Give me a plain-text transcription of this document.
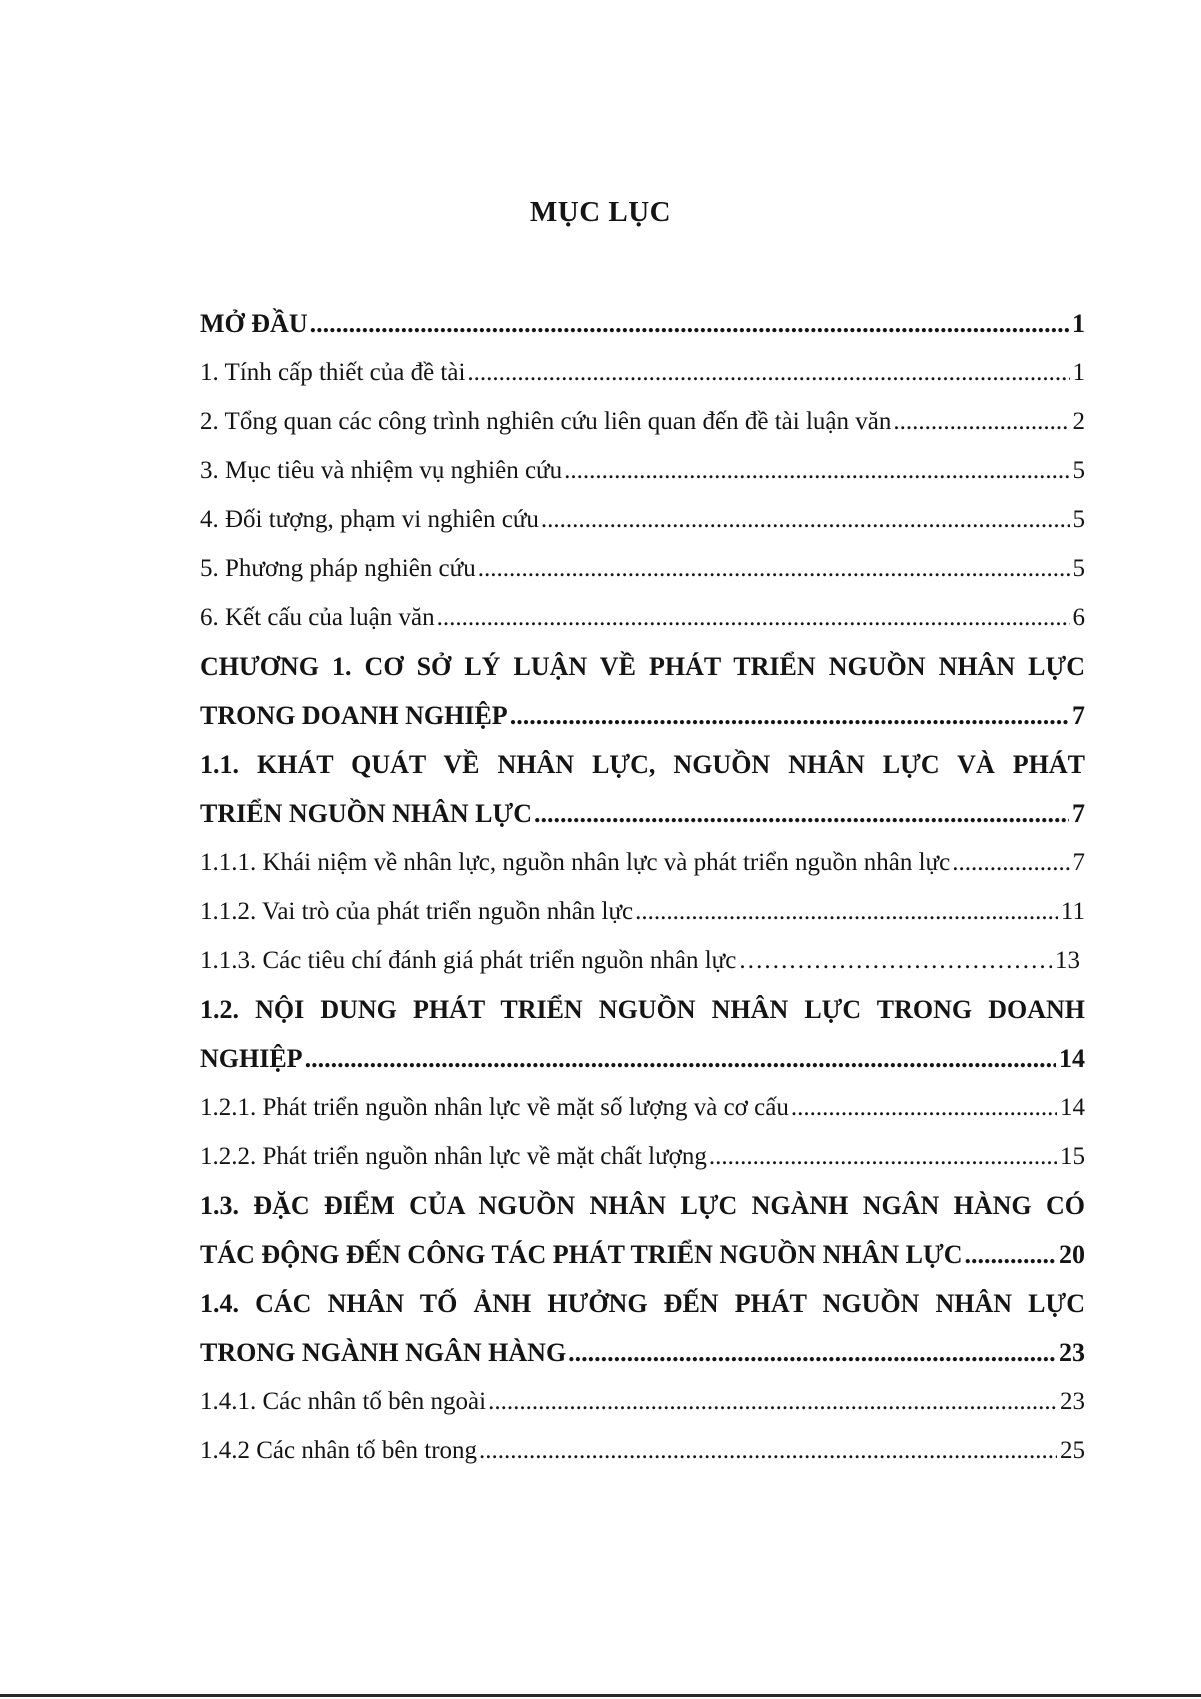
MỤC LỤC
MỞ ĐẦU .....	1
1. Tính cấp thiết của đề tài .....	1
2. Tổng quan các công trình nghiên cứu liên quan đến đề tài luận văn .....	2
3. Mục tiêu và nhiệm vụ nghiên cứu .....	5
4. Đối tượng, phạm vi nghiên cứu .....	5
5. Phương pháp nghiên cứu .....	5
6. Kết cấu của luận văn .....	6
CHƯƠNG 1. CƠ SỞ LÝ LUẬN VỀ PHÁT TRIỂN NGUỒN NHÂN LỰC
TRONG DOANH NGHIỆP .....	7
1.1. KHÁT QUÁT VỀ NHÂN LỰC, NGUỒN NHÂN LỰC VÀ PHÁT
TRIỂN NGUỒN NHÂN LỰC .....	7
1.1.1. Khái niệm về nhân lực, nguồn nhân lực và phát triển nguồn nhân lực .....	7
1.1.2. Vai trò của phát triển nguồn nhân lực .....	11
1.1.3. Các tiêu chí đánh giá phát triển nguồn nhân lực …………………………………………………………………………………………………………………………………………	13
1.2. NỘI DUNG PHÁT TRIỂN NGUỒN NHÂN LỰC TRONG DOANH
NGHIỆP .....	14
1.2.1. Phát triển nguồn nhân lực về mặt số lượng và cơ cấu .....	14
1.2.2. Phát triển nguồn nhân lực về mặt chất lượng .....	15
1.3. ĐẶC ĐIỂM CỦA NGUỒN NHÂN LỰC NGÀNH NGÂN HÀNG CÓ
TÁC ĐỘNG ĐẾN CÔNG TÁC PHÁT TRIỂN NGUỒN NHÂN LỰC .....	20
1.4. CÁC NHÂN TỐ ẢNH HƯỞNG ĐẾN PHÁT NGUỒN NHÂN LỰC
TRONG NGÀNH NGÂN HÀNG .....	23
1.4.1. Các nhân tố bên ngoài .....	23
1.4.2 Các nhân tố bên trong .....	25
